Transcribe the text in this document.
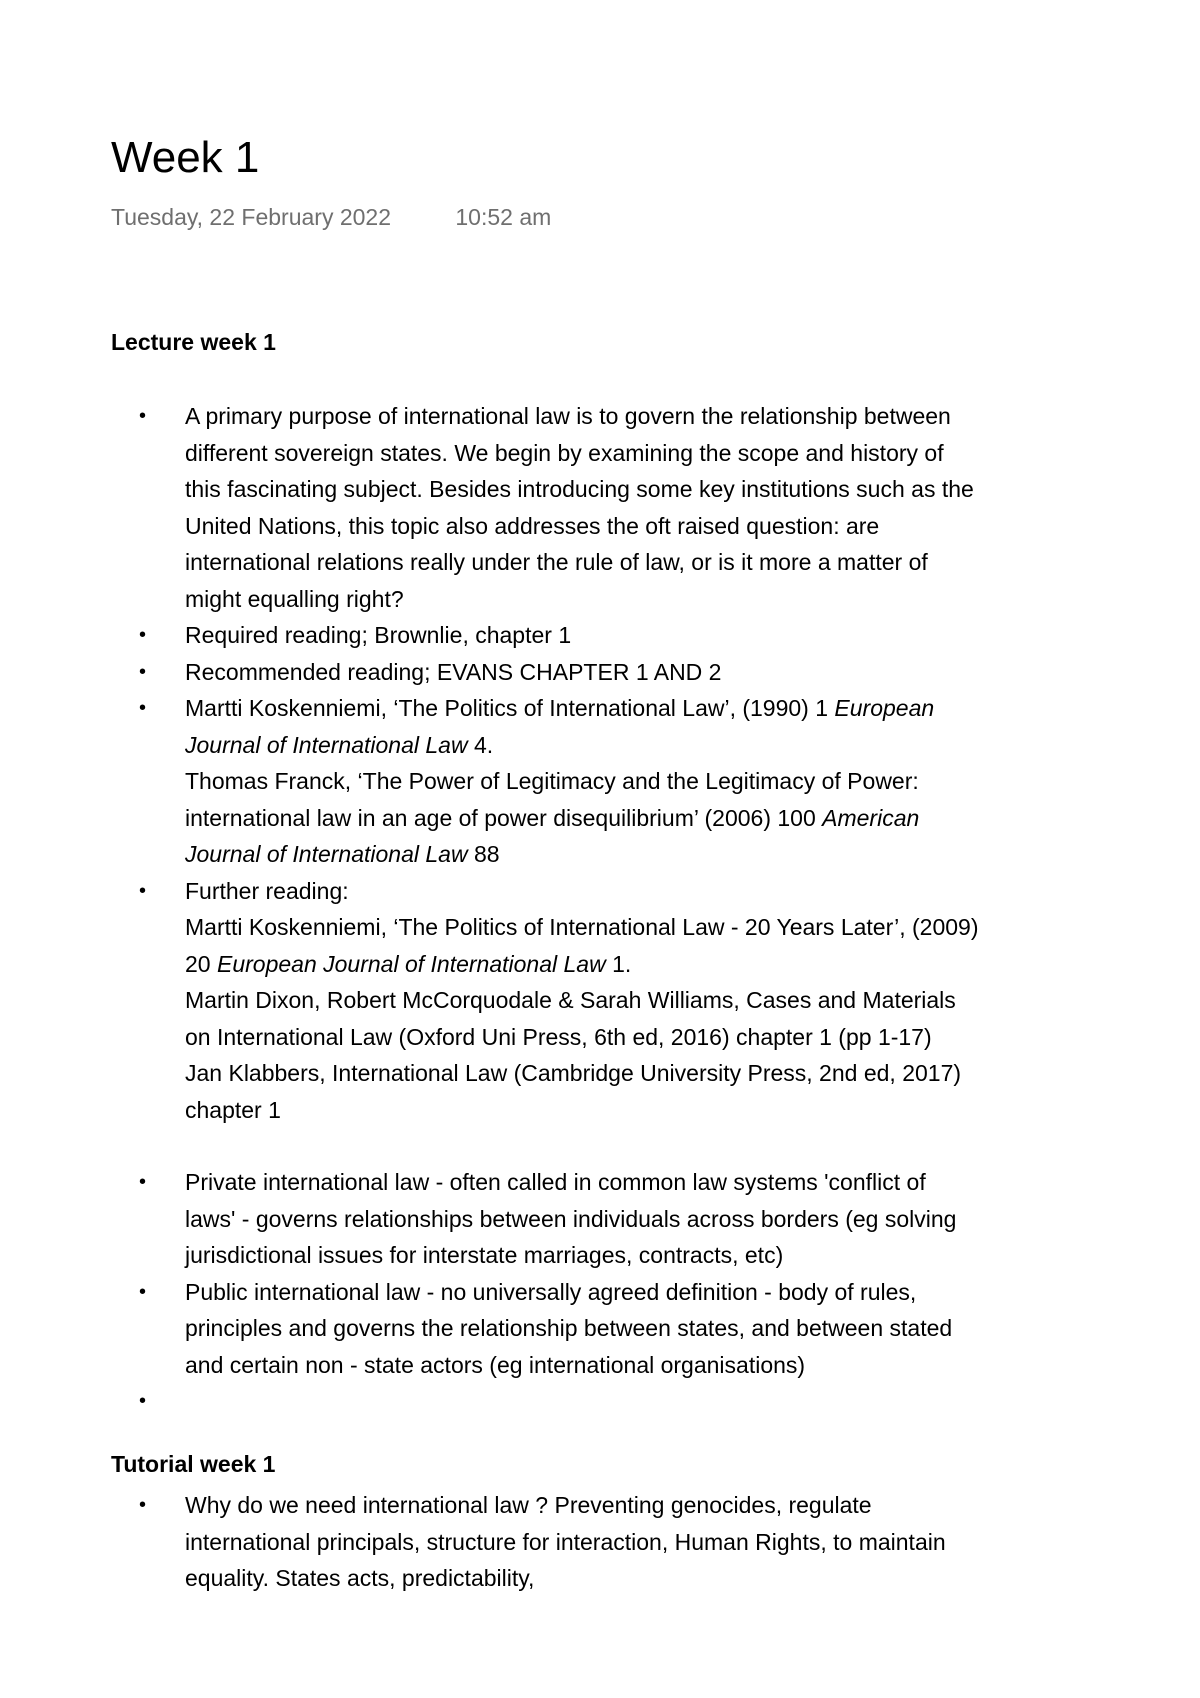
Week 1
Tuesday, 22 February 2022	10:52 am
Lecture week 1
• A primary purpose of international law is to govern the relationship between
different sovereign states. We begin by examining the scope and history of
this fascinating subject. Besides introducing some key institutions such as the
United Nations, this topic also addresses the oft raised question: are
international relations really under the rule of law, or is it more a matter of
might equalling right?
• Required reading; Brownlie, chapter 1
• Recommended reading; EVANS CHAPTER 1 AND 2
• Martti Koskenniemi, ‘The Politics of International Law’, (1990) 1 European
Journal of International Law 4.
Thomas Franck, ‘The Power of Legitimacy and the Legitimacy of Power:
international law in an age of power disequilibrium’ (2006) 100 American
Journal of International Law 88
• Further reading:
Martti Koskenniemi, ‘The Politics of International Law - 20 Years Later’, (2009)
20 European Journal of International Law 1.
Martin Dixon, Robert McCorquodale & Sarah Williams, Cases and Materials
on International Law (Oxford Uni Press, 6th ed, 2016) chapter 1 (pp 1-17)
Jan Klabbers, International Law (Cambridge University Press, 2nd ed, 2017)
chapter 1
• Private international law - often called in common law systems 'conflict of
laws' - governs relationships between individuals across borders (eg solving
jurisdictional issues for interstate marriages, contracts, etc)
• Public international law - no universally agreed definition - body of rules,
principles and governs the relationship between states, and between stated
and certain non - state actors (eg international organisations)
•
Tutorial week 1
• Why do we need international law ? Preventing genocides, regulate
international principals, structure for interaction, Human Rights, to maintain
equality. States acts, predictability,
